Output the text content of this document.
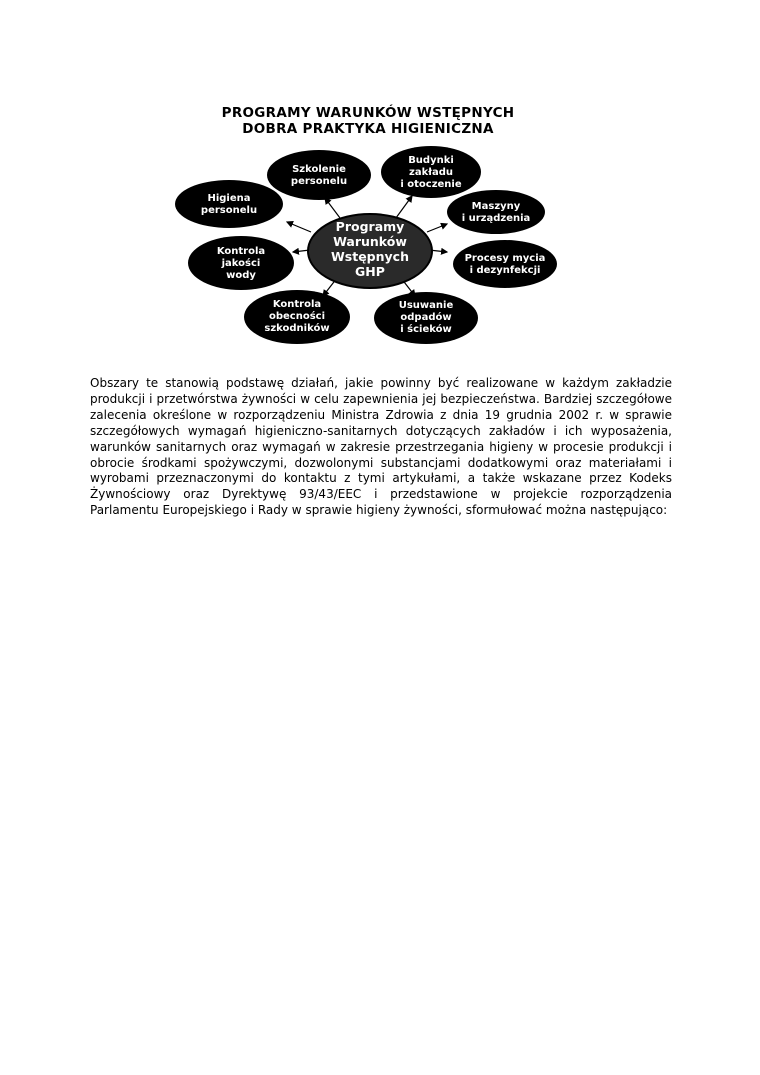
PROGRAMY WARUNKÓW WSTĘPNYCH
DOBRA PRAKTYKA HIGIENICZNA
Programy
Warunków
Wstępnych
GHP
Szkolenie
personelu
Budynki
zakładu
i otoczenie
Higiena
personelu	Maszyny
i urządzenia
Kontrola
jakości
wody
Procesy mycia
i dezynfekcji
Kontrola
obecności
szkodników
Usuwanie
odpadów
i ścieków

Obszary te stanowią podstawę działań, jakie powinny być realizowane w każdym zakładzie produkcji i przetwórstwa żywności w celu zapewnienia jej bezpieczeństwa. Bardziej szczegółowe zalecenia określone w rozporządzeniu Ministra Zdrowia z dnia 19 grudnia 2002 r. w sprawie szczegółowych wymagań higieniczno-sanitarnych dotyczących zakładów i ich wyposażenia, warunków sanitarnych oraz wymagań w zakresie przestrzegania higieny w procesie produkcji i obrocie środkami spożywczymi, dozwolonymi substancjami dodatkowymi oraz materiałami i wyrobami przeznaczonymi do kontaktu z tymi artykułami, a także wskazane przez Kodeks Żywnościowy oraz Dyrektywę 93/43/EEC i przedstawione w projekcie rozporządzenia Parlamentu Europejskiego i Rady w sprawie higieny żywności, sformułować można następująco:
